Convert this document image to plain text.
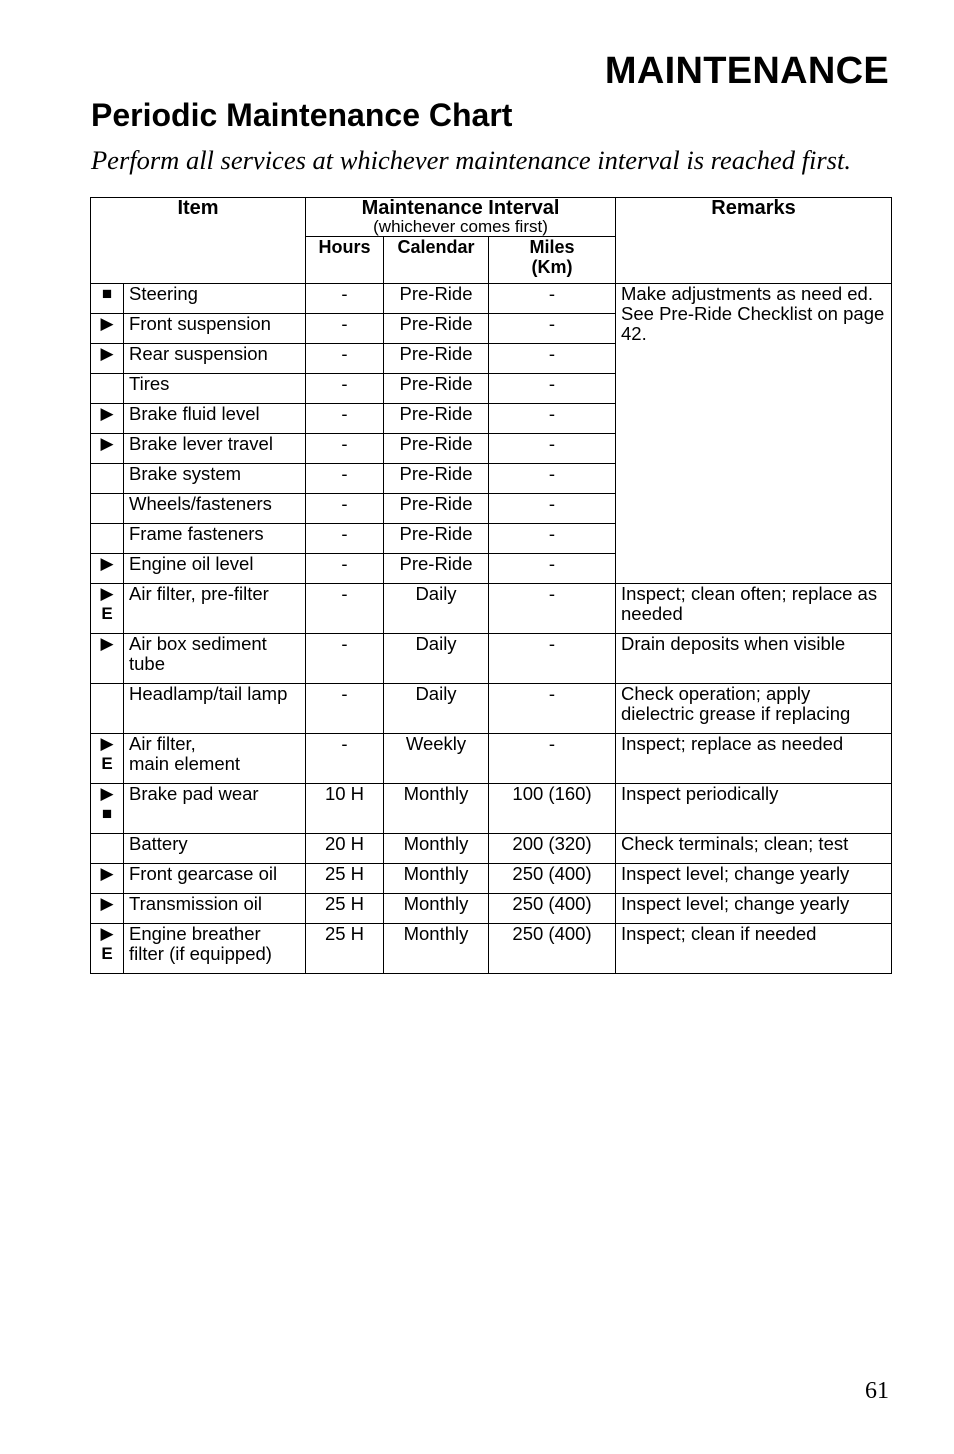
MAINTENANCE
Periodic Maintenance Chart

Perform all services at whichever maintenance interval is reached first.

Item		Maintenance Interval
(whichever comes first)			Remarks
		Hours	Calendar	Miles
(Km)	

■	Steering	-	Pre-Ride	-	Make adjustments as need ed. See Pre-Ride Checklist on page 42.

▶	Front suspension	-	Pre-Ride	-	

▶	Rear suspension	-	Pre-Ride	-	
	Tires	-	Pre-Ride	-	

▶	Brake fluid level	-	Pre-Ride	-	

▶	Brake lever travel	-	Pre-Ride	-	
	Brake system	-	Pre-Ride	-	
	Wheels/fasteners	-	Pre-Ride	-	
	Frame fasteners	-	Pre-Ride	-	

▶	Engine oil level	-	Pre-Ride	-	

▶
E	Air filter, pre-filter	-	Daily	-	Inspect; clean often; replace as needed

▶	Air box sediment tube	-	Daily	-	Drain deposits when visible
	Headlamp/tail lamp	-	Daily	-	Check operation; apply dielectric grease if replacing

▶
E	Air filter,
main element	-	Weekly	-	Inspect; replace as needed

▶
■	Brake pad wear	10 H	Monthly	100 (160)	Inspect periodically
	Battery	20 H	Monthly	200 (320)	Check terminals; clean; test

▶	Front gearcase oil	25 H	Monthly	250 (400)	Inspect level; change yearly

▶	Transmission oil	25 H	Monthly	250 (400)	Inspect level; change yearly

▶
E	Engine breather filter (if equipped)	25 H	Monthly	250 (400)	Inspect; clean if needed

61
